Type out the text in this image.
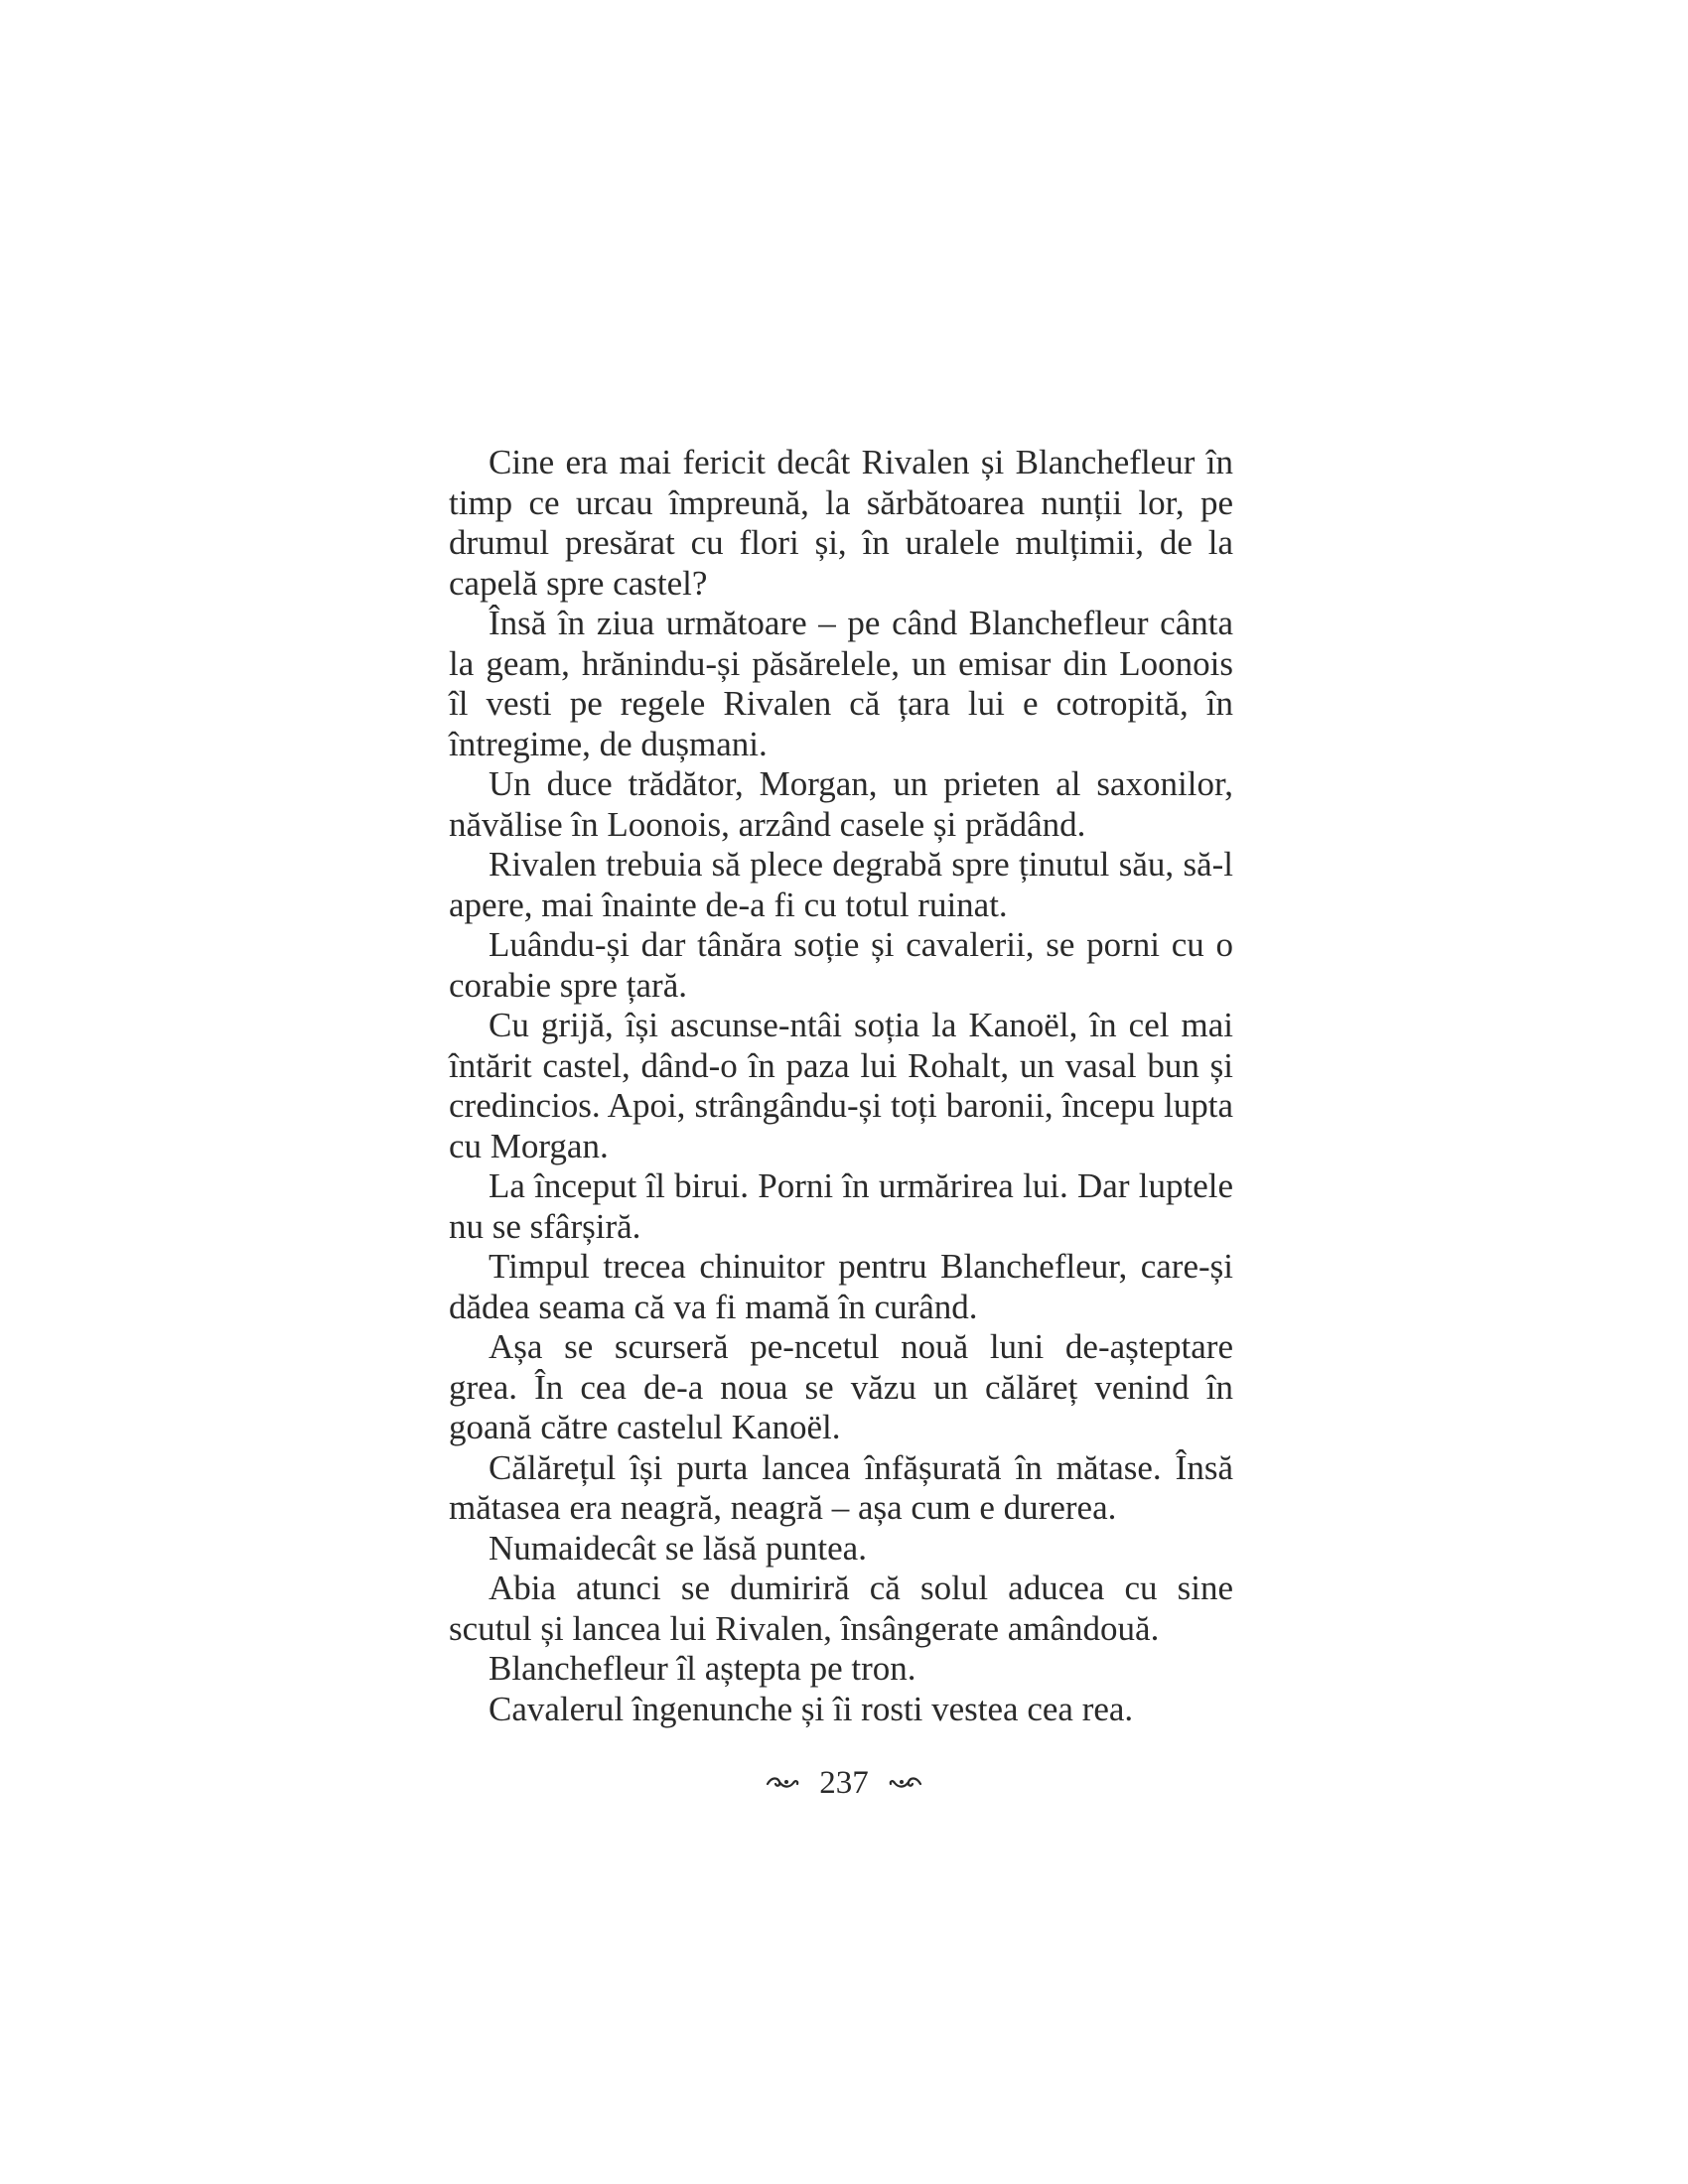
Cine era mai fericit decât Rivalen și Blanchefleur în timp ce urcau împreună, la sărbătoarea nunții lor, pe drumul presărat cu flori și, în uralele mulțimii, de la capelă spre castel?

Însă în ziua următoare – pe când Blanchefleur cânta la geam, hrănindu-și păsărelele, un emisar din Loonois îl vesti pe regele Rivalen că țara lui e cotropită, în întregime, de dușmani.

Un duce trădător, Morgan, un prieten al saxonilor, năvălise în Loonois, arzând casele și prădând.

Rivalen trebuia să plece degrabă spre ținutul său, să-l apere, mai înainte de-a fi cu totul ruinat.

Luându-și dar tânăra soție și cavalerii, se porni cu o corabie spre țară.

Cu grijă, își ascunse-ntâi soția la Kanoël, în cel mai întărit castel, dând-o în paza lui Rohalt, un vasal bun și credincios. Apoi, strângându-și toți baronii, începu lupta cu Morgan.

La început îl birui. Porni în urmărirea lui. Dar luptele nu se sfârșiră.

Timpul trecea chinuitor pentru Blanchefleur, care-și dădea seama că va fi mamă în curând.

Așa se scurseră pe-ncetul nouă luni de-așteptare grea. În cea de-a noua se văzu un călăreț venind în goană către castelul Kanoël.

Călărețul își purta lancea înfășurată în mătase. Însă mătasea era neagră, neagră – așa cum e durerea.

Numaidecât se lăsă puntea.

Abia atunci se dumiriră că solul aducea cu sine scutul și lancea lui Rivalen, însângerate amândouă.

Blanchefleur îl aștepta pe tron.

Cavalerul îngenunche și îi rosti vestea cea rea.

237
